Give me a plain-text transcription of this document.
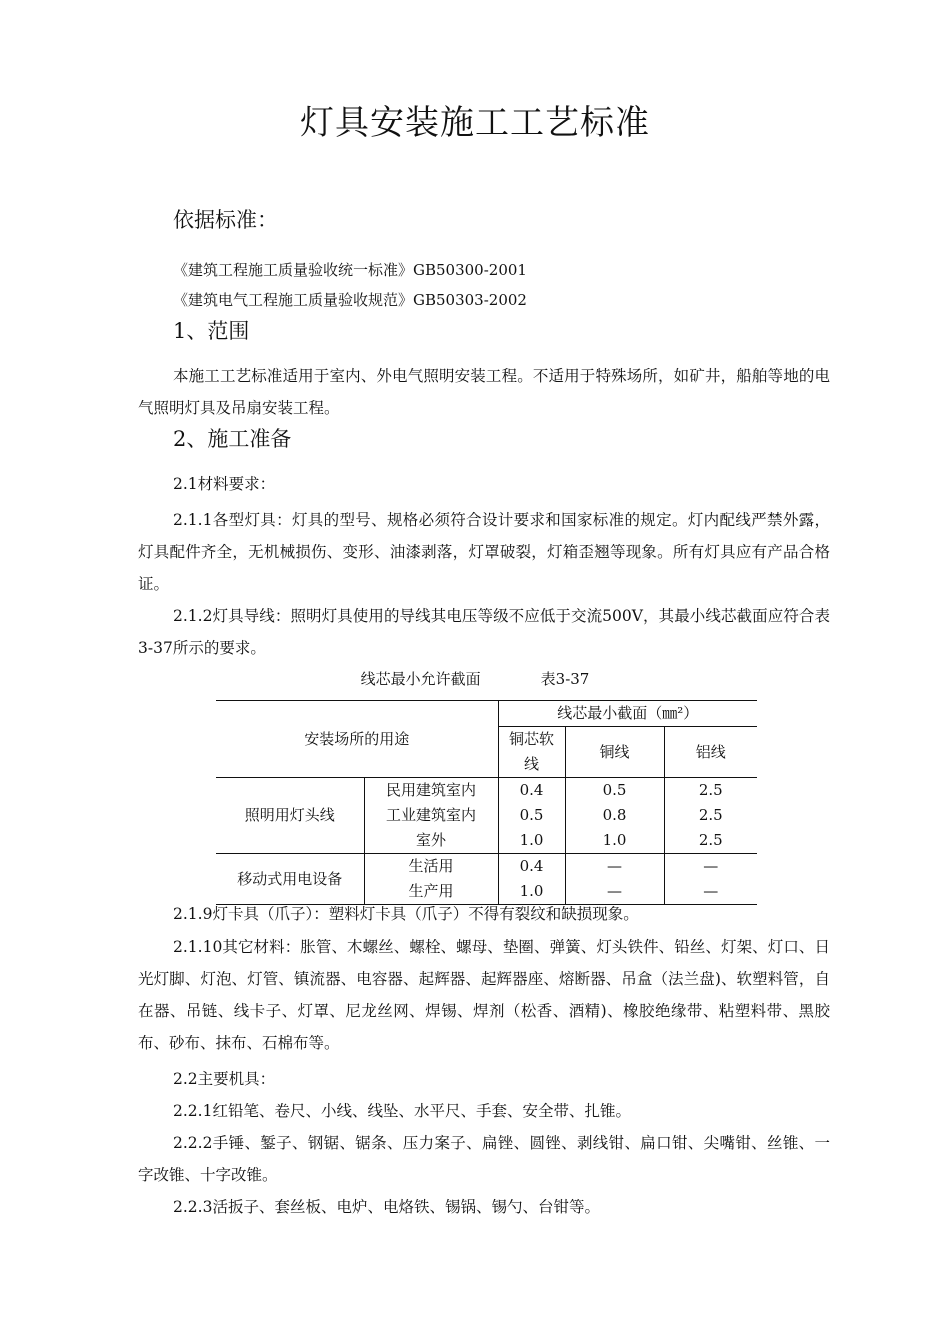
灯具安装施工工艺标准
依据标准：
《建筑工程施工质量验收统一标准》GB50300-2001
《建筑电气工程施工质量验收规范》GB50303-2002
1、范围
本施工工艺标准适用于室内、外电气照明安装工程。不适用于特殊场所，如矿井，船舶等地的电气照明灯具及吊扇安装工程。
2、施工准备
2.1材料要求：
2.1.1各型灯具：灯具的型号、规格必须符合设计要求和国家标准的规定。灯内配线严禁外露，灯具配件齐全，无机械损伤、变形、油漆剥落，灯罩破裂，灯箱歪翘等现象。所有灯具应有产品合格证。
2.1.2灯具导线：照明灯具使用的导线其电压等级不应低于交流500V，其最小线芯截面应符合表3-37所示的要求。
线芯最小允许截面	表3-37
安装场所的用途		线芯最小截面（㎜²）		
		铜芯软线	铜线	铝线
照明用灯头线	民用建筑室内	0.4	0.5	2.5
	工业建筑室内	0.5	0.8	2.5
	室外	1.0	1.0	2.5
移动式用电设备	生活用	0.4	—	—
	生产用	1.0	—	—
2.1.9灯卡具（爪子）：塑料灯卡具（爪子）不得有裂纹和缺损现象。
2.1.10其它材料：胀管、木螺丝、螺栓、螺母、垫圈、弹簧、灯头铁件、铅丝、灯架、灯口、日光灯脚、灯泡、灯管、镇流器、电容器、起辉器、起辉器座、熔断器、吊盒（法兰盘)、软塑料管，自在器、吊链、线卡子、灯罩、尼龙丝网、焊锡、焊剂（松香、酒精)、橡胶绝缘带、粘塑料带、黑胶布、砂布、抹布、石棉布等。
2.2主要机具：
2.2.1红铅笔、卷尺、小线、线坠、水平尺、手套、安全带、扎锥。
2.2.2手锤、錾子、钢锯、锯条、压力案子、扁锉、圆锉、剥线钳、扁口钳、尖嘴钳、丝锥、一字改锥、十字改锥。
2.2.3活扳子、套丝板、电炉、电烙铁、锡锅、锡勺、台钳等。
